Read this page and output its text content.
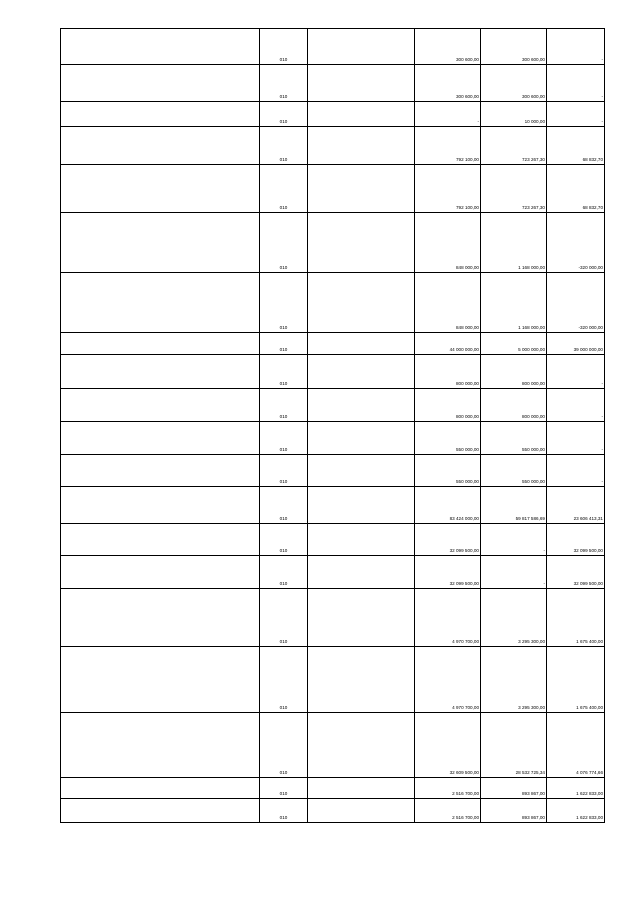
	010		300 600,00	300 600,00	-
	010		300 600,00	300 600,00	-
	010		-	10 000,00	-
	010		792 100,00	723 267,30	68 832,70
	010		792 100,00	723 267,30	68 832,70
	010		848 000,00	1 168 000,00	-320 000,00
	010		848 000,00	1 168 000,00	-320 000,00
	010		44 000 000,00	5 000 000,00	39 000 000,00
	010		800 000,00	800 000,00	-
	010		800 000,00	800 000,00	-
	010		550 000,00	550 000,00	-
	010		550 000,00	550 000,00	-
	010		83 424 000,00	59 817 586,69	23 606 413,31
	010		32 099 500,00	-	32 099 500,00
	010		32 099 500,00	-	32 099 500,00
	010		4 970 700,00	3 295 300,00	1 675 400,00
	010		4 970 700,00	3 295 300,00	1 675 400,00
	010		32 609 500,00	28 532 725,34	4 076 774,66
	010		2 516 700,00	893 867,00	1 622 833,00
	010		2 516 700,00	893 867,00	1 622 833,00
